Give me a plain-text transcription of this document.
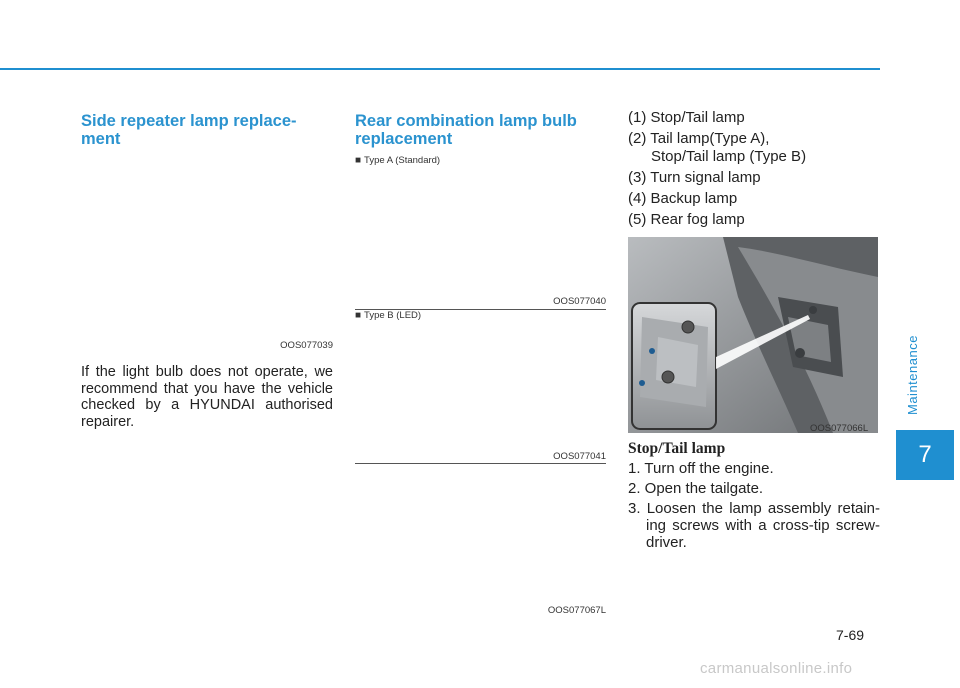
Side repeater lamp replace-
ment
OOS077039

If the light bulb does not operate, we recommend that you have the vehicle checked by a HYUNDAI authorised repairer.

Rear combination lamp bulb replacement
■ Type A (Standard)
OOS077040
■ Type B (LED)
OOS077041
OOS077067L

(1) Stop/Tail lamp

(2) Tail lamp(Type A),
Stop/Tail lamp (Type B)

(3) Turn signal lamp

(4) Backup lamp

(5) Rear fog lamp

OOS077066L

Stop/Tail lamp

1. Turn off the engine.

2. Open the tailgate.

3. Loosen the lamp assembly retain-ing screws with a cross-tip screw-driver.

Maintenance
7
7-69
carmanualsonline.info
